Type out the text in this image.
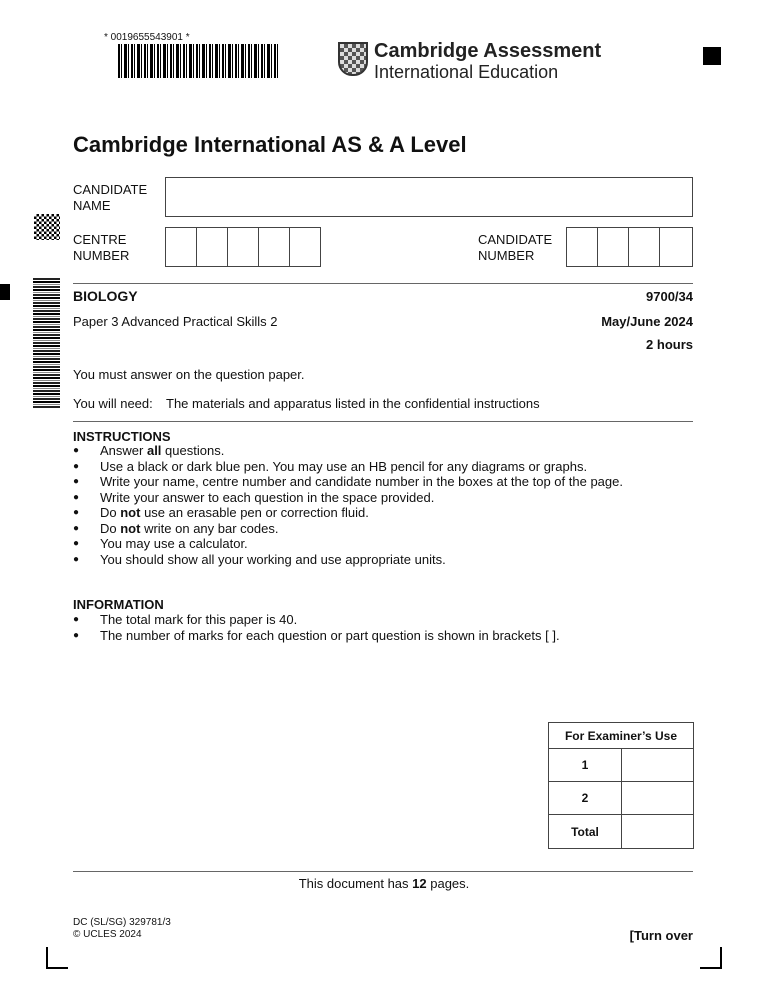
* 0019655543901 *
Cambridge Assessment
International Education
Cambridge International AS & A Level
CANDIDATE
NAME
CENTRE
NUMBER
CANDIDATE
NUMBER
BIOLOGY	9700/34
Paper 3 Advanced Practical Skills 2	May/June 2024
2 hours
You must answer on the question paper.
You will need: The materials and apparatus listed in the confidential instructions
INSTRUCTIONS
● Answer all questions.
● Use a black or dark blue pen. You may use an HB pencil for any diagrams or graphs.
● Write your name, centre number and candidate number in the boxes at the top of the page.
● Write your answer to each question in the space provided.
● Do not use an erasable pen or correction fluid.
● Do not write on any bar codes.
● You may use a calculator.
● You should show all your working and use appropriate units.
INFORMATION
● The total mark for this paper is 40.
● The number of marks for each question or part question is shown in brackets [ ].
For Examiner’s Use	
1	
2	
Total	
This document has 12 pages.
DC (SL/SG) 329781/3
© UCLES 2024	[Turn over
